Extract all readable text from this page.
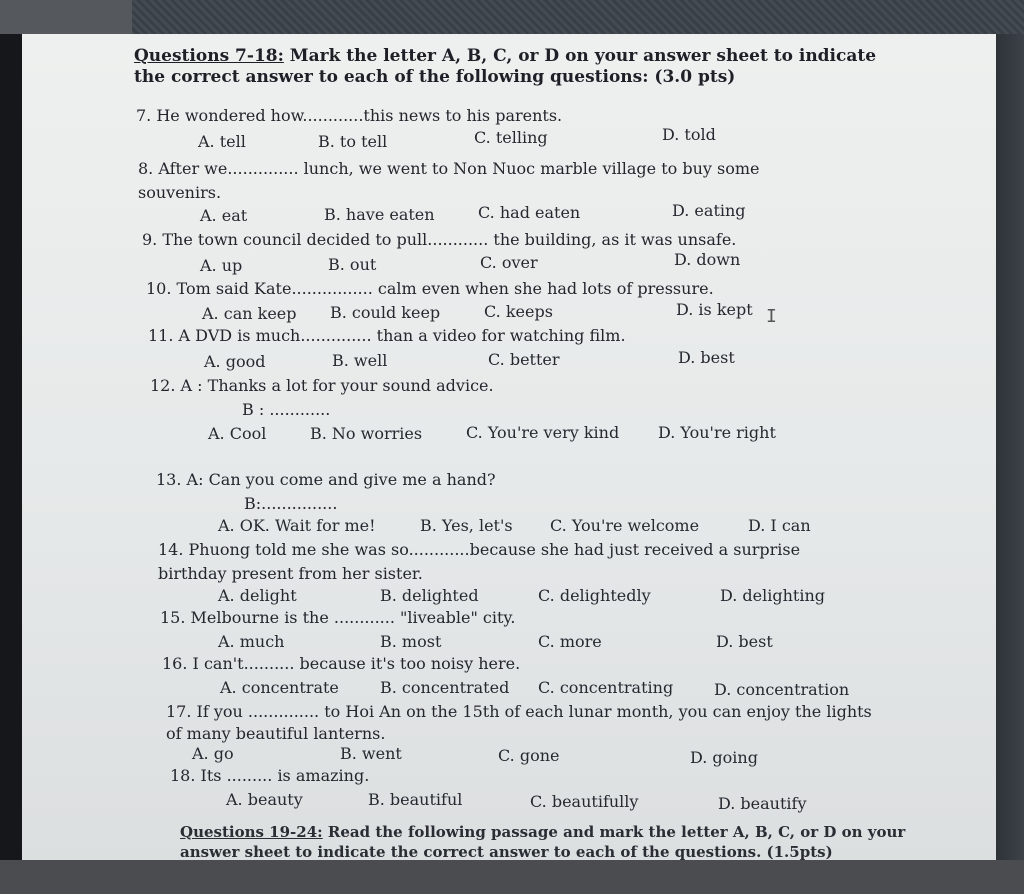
Questions 7-18: Mark the letter A, B, C, or D on your answer sheet to indicate the correct answer to each of the following questions: (3.0 pts)
7. He wondered how............this news to his parents.
A. tell	B. to tell	C. telling	D. told
8. After we.............. lunch, we went to Non Nuoc marble village to buy some
souvenirs.
A. eat	B. have eaten	C. had eaten	D. eating
9. The town council decided to pull............ the building, as it was unsafe.
A. up	B. out	C. over	D. down
10. Tom said Kate................ calm even when she had lots of pressure.
A. can keep B. could keep	C. keeps	D. is kept I
11. A DVD is much.............. than a video for watching film.
A. good	B. well	C. better	D. best
12. A : Thanks a lot for your sound advice.
B : ............
A. Cool	B. No worries	C. You're very kind D. You're right
13. A: Can you come and give me a hand?
B:...............
A. OK. Wait for me!	B. Yes, let's C. You're welcome	D. I can
14. Phuong told me she was so............because she had just received a surprise
birthday present from her sister.
A. delight	B. delighted	C. delightedly	D. delighting
15. Melbourne is the ............ "liveable" city.
A. much	B. most	C. more	D. best
16. I can't.......... because it's too noisy here.
A. concentrate	B. concentrated C. concentrating	D. concentration
17. If you .............. to Hoi An on the 15th of each lunar month, you can enjoy the lights
of many beautiful lanterns.
A. go	B. went	C. gone	D. going
18. Its ......... is amazing.
A. beauty	B. beautiful	C. beautifully	D. beautify
Questions 19-24: Read the following passage and mark the letter A, B, C, or D on your answer sheet to indicate the correct answer to each of the questions. (1.5pts)
